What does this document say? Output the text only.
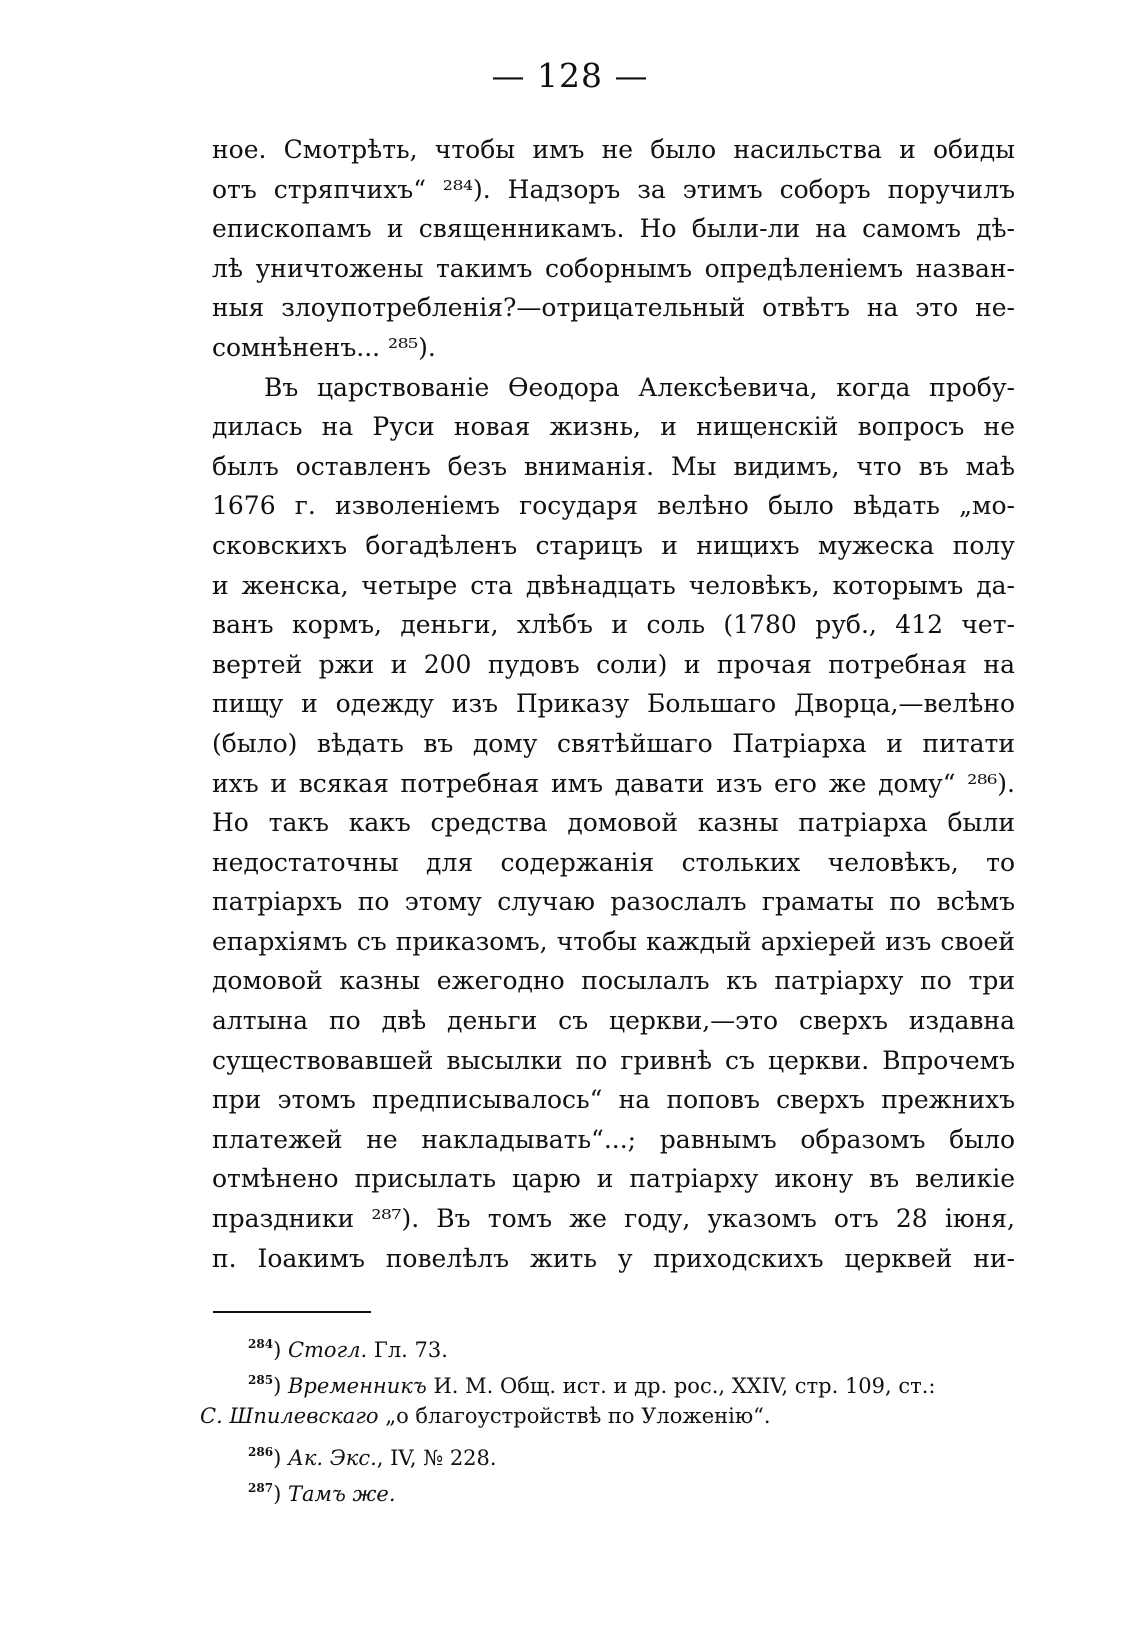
— 128 —
ное. Смотрѣть, чтобы имъ не было насильства и обиды
отъ стряпчихъ“ ²⁸⁴). Надзоръ за этимъ соборъ поручилъ
епископамъ и священникамъ. Но были-ли на самомъ дѣ-
лѣ уничтожены такимъ соборнымъ опредѣленіемъ назван-
ныя злоупотребленія?—отрицательный отвѣтъ на это не-
сомнѣненъ... ²⁸⁵).
Въ царствованіе Ѳеодора Алексѣевича, когда пробу-
дилась на Руси новая жизнь, и нищенскій вопросъ не
былъ оставленъ безъ вниманія. Мы видимъ, что въ маѣ
1676 г. изволеніемъ государя велѣно было вѣдать „мо-
сковскихъ богадѣленъ старицъ и нищихъ мужеска полу
и женска, четыре ста двѣнадцать человѣкъ, которымъ да-
ванъ кормъ, деньги, хлѣбъ и соль (1780 руб., 412 чет-
вертей ржи и 200 пудовъ соли) и прочая потребная на
пищу и одежду изъ Приказу Большаго Дворца,—велѣно
(было) вѣдать въ дому святѣйшаго Патріарха и питати
ихъ и всякая потребная имъ давати изъ его же дому“ ²⁸⁶).
Но такъ какъ средства домовой казны патріарха были
недостаточны для содержанія стольких человѣкъ, то
патріархъ по этому случаю разослалъ граматы по всѣмъ
епархіямъ съ приказомъ, чтобы каждый архіерей изъ своей
домовой казны ежегодно посылалъ къ патріарху по три
алтына по двѣ деньги съ церкви,—это сверхъ издавна
существовавшей высылки по гривнѣ съ церкви. Впрочемъ
при этомъ предписывалось“ на поповъ сверхъ прежнихъ
платежей не накладывать“...; равнымъ образомъ было
отмѣнено присылать царю и патріарху икону въ великіе
праздники ²⁸⁷). Въ томъ же году, указомъ отъ 28 іюня,
п. Іоакимъ повелѣлъ жить у приходскихъ церквей ни-
$^{284}$) Стогл. Гл. 73.
$^{285}$) Временникъ И. М. Общ. ист. и др. рос., XXIV, стр. 109, ст.:
С. Шпилевскаго „о благоустройствѣ по Уложенію“.
$^{286}$) Ак. Экс., IV, № 228.
$^{287}$) Тамъ же.
